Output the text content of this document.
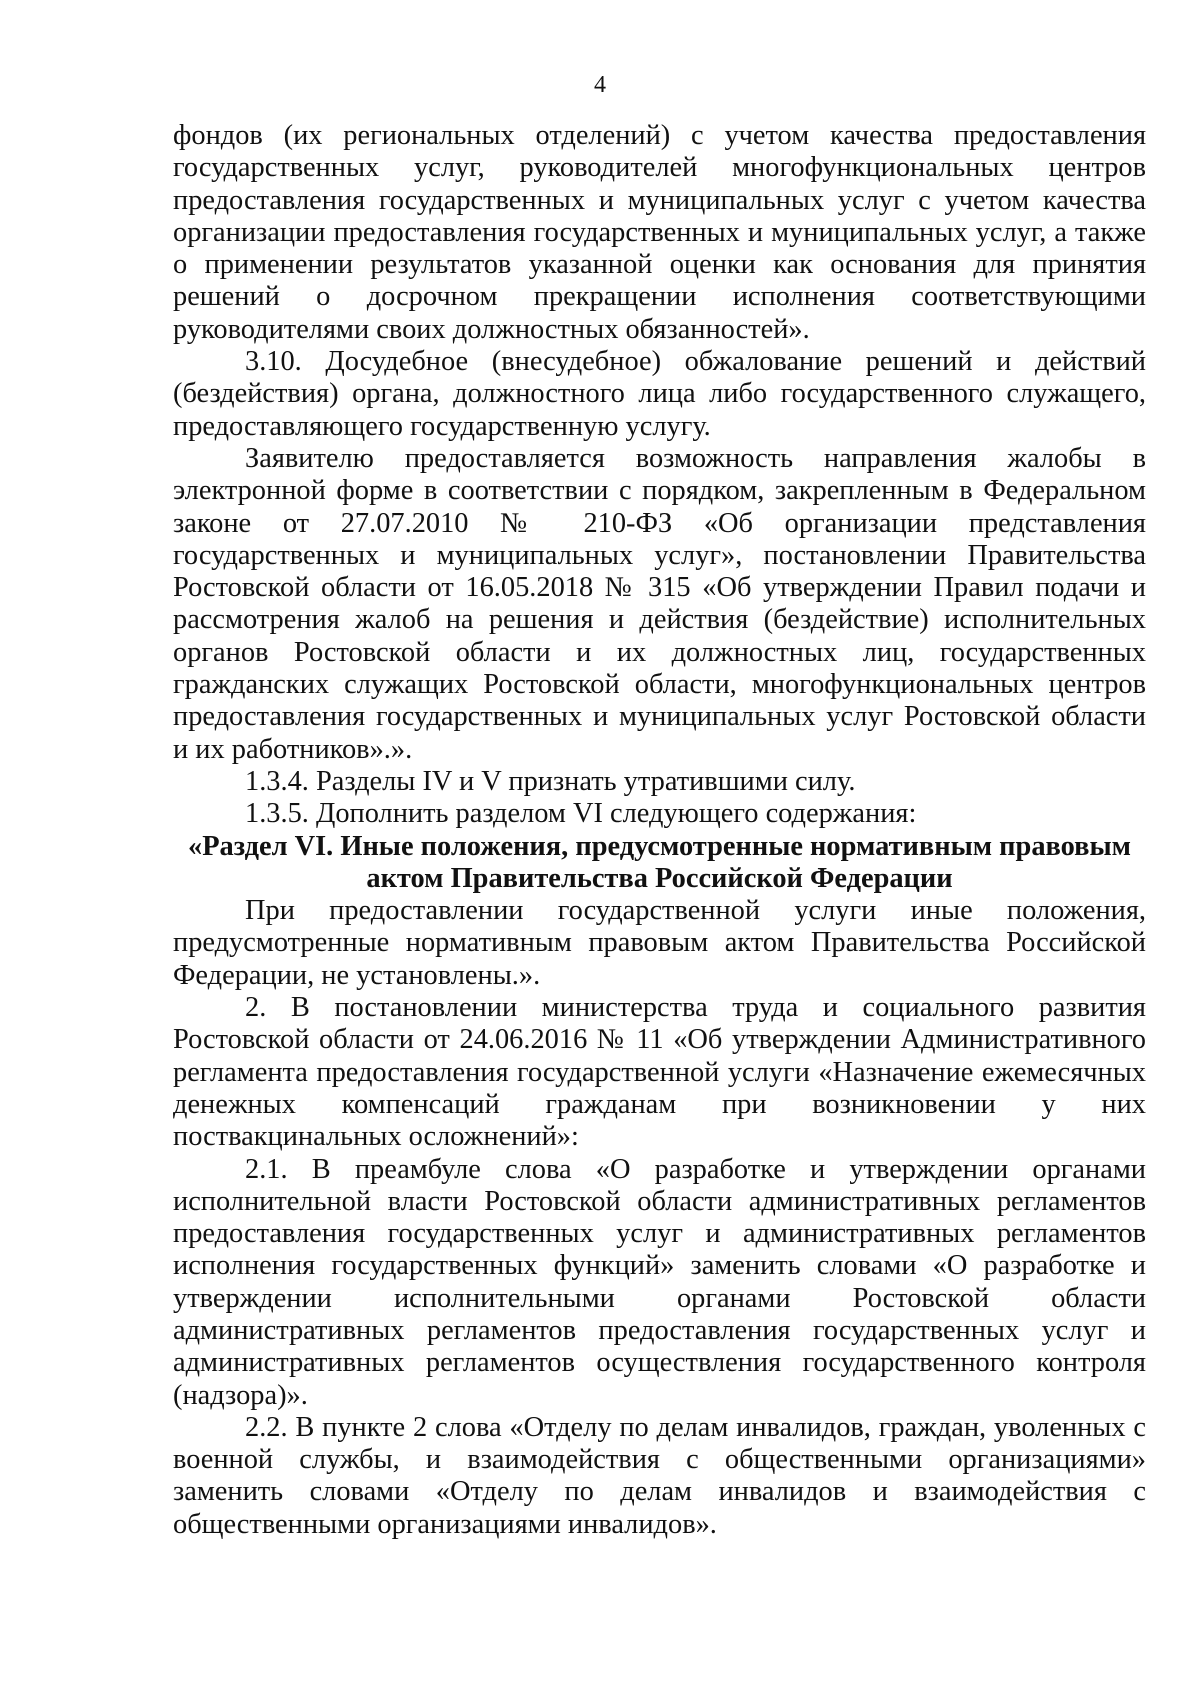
4

фондов (их региональных отделений) с учетом качества предоставления государственных услуг, руководителей многофункциональных центров предоставления государственных и муниципальных услуг с учетом качества организации предоставления государственных и муниципальных услуг, а также о применении результатов указанной оценки как основания для принятия решений о досрочном прекращении исполнения соответствующими руководителями своих должностных обязанностей».

3.10. Досудебное (внесудебное) обжалование решений и действий (бездействия) органа, должностного лица либо государственного служащего, предоставляющего государственную услугу.

Заявителю предоставляется возможность направления жалобы в электронной форме в соответствии с порядком, закрепленным в Федеральном законе от 27.07.2010 № 210-ФЗ «Об организации представления государственных и муниципальных услуг», постановлении Правительства Ростовской области от 16.05.2018 № 315 «Об утверждении Правил подачи и рассмотрения жалоб на решения и действия (бездействие) исполнительных органов Ростовской области и их должностных лиц, государственных гражданских служащих Ростовской области, многофункциональных центров предоставления государственных и муниципальных услуг Ростовской области и их работников».».

1.3.4. Разделы IV и V признать утратившими силу.

1.3.5. Дополнить разделом VI следующего содержания:

«Раздел VI. Иные положения, предусмотренные нормативным правовым актом Правительства Российской Федерации

При предоставлении государственной услуги иные положения, предусмотренные нормативным правовым актом Правительства Российской Федерации, не установлены.».

2. В постановлении министерства труда и социального развития Ростовской области от 24.06.2016 № 11 «Об утверждении Административного регламента предоставления государственной услуги «Назначение ежемесячных денежных компенсаций гражданам при возникновении у них поствакцинальных осложнений»:

2.1. В преамбуле слова «О разработке и утверждении органами исполнительной власти Ростовской области административных регламентов предоставления государственных услуг и административных регламентов исполнения государственных функций» заменить словами «О разработке и утверждении исполнительными органами Ростовской области административных регламентов предоставления государственных услуг и административных регламентов осуществления государственного контроля (надзора)».

2.2. В пункте 2 слова «Отделу по делам инвалидов, граждан, уволенных с военной службы, и взаимодействия с общественными организациями» заменить словами «Отделу по делам инвалидов и взаимодействия с общественными организациями инвалидов».
